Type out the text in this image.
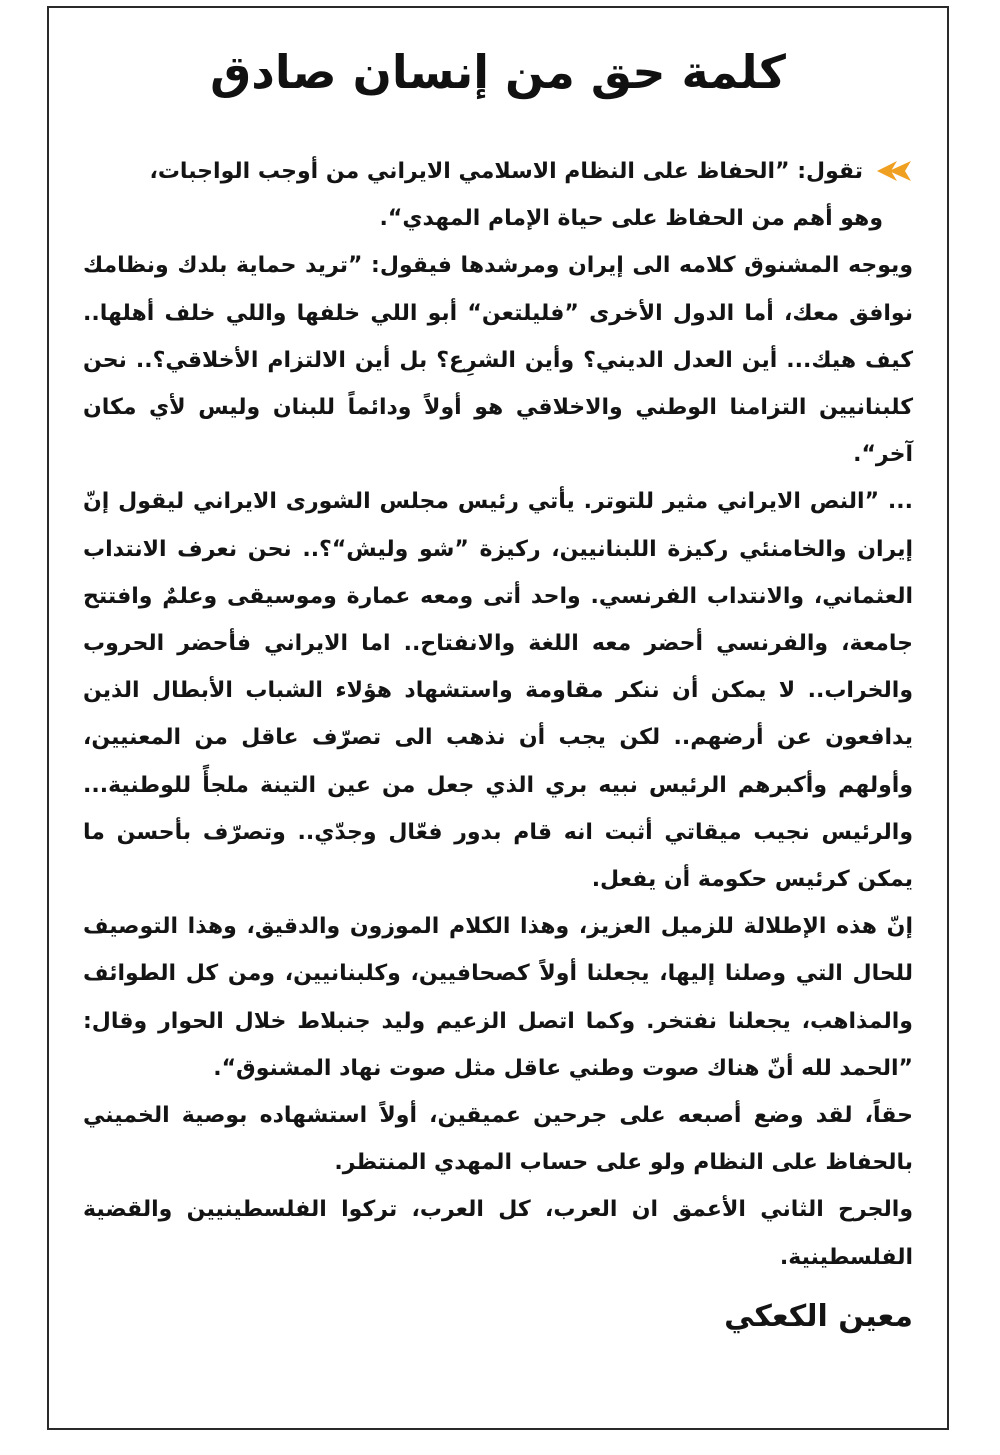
كلمة حق من إنسان صادق

تقول: ”الحفاظ على النظام الاسلامي الايراني من أوجب الواجبات،

وهو أهم من الحفاظ على حياة الإمام المهدي“.

ويوجه المشنوق كلامه الى إيران ومرشدها فيقول: ”تريد حماية بلدك ونظامك نوافق معك، أما الدول الأخرى ”فليلتعن“ أبو اللي خلفها واللي خلف أهلها.. كيف هيك... أين العدل الديني؟ وأين الشرِع؟ بل أين الالتزام الأخلاقي؟.. نحن كلبنانيين التزامنا الوطني والاخلاقي هو أولاً ودائماً للبنان وليس لأي مكان آخر“.

... ”النص الايراني مثير للتوتر. يأتي رئيس مجلس الشورى الايراني ليقول إنّ إيران والخامنئي ركيزة اللبنانيين، ركيزة ”شو وليش“؟.. نحن نعرف الانتداب العثماني، والانتداب الفرنسي. واحد أتى ومعه عمارة وموسيقى وعلمٌ وافتتح جامعة، والفرنسي أحضر معه اللغة والانفتاح.. اما الايراني فأحضر الحروب والخراب.. لا يمكن أن ننكر مقاومة واستشهاد هؤلاء الشباب الأبطال الذين يدافعون عن أرضهم.. لكن يجب أن نذهب الى تصرّف عاقل من المعنيين، وأولهم وأكبرهم الرئيس نبيه بري الذي جعل من عين التينة ملجأً للوطنية... والرئيس نجيب ميقاتي أثبت انه قام بدور فعّال وجدّي.. وتصرّف بأحسن ما يمكن كرئيس حكومة أن يفعل.

إنّ هذه الإطلالة للزميل العزيز، وهذا الكلام الموزون والدقيق، وهذا التوصيف للحال التي وصلنا إليها، يجعلنا أولاً كصحافيين، وكلبنانيين، ومن كل الطوائف والمذاهب، يجعلنا نفتخر. وكما اتصل الزعيم وليد جنبلاط خلال الحوار وقال: ”الحمد لله أنّ هناك صوت وطني عاقل مثل صوت نهاد المشنوق“.

حقاً، لقد وضع أصبعه على جرحين عميقين، أولاً استشهاده بوصية الخميني بالحفاظ على النظام ولو على حساب المهدي المنتظر.

والجرح الثاني الأعمق ان العرب، كل العرب، تركوا الفلسطينيين والقضية الفلسطينية.

معين الكعكي
